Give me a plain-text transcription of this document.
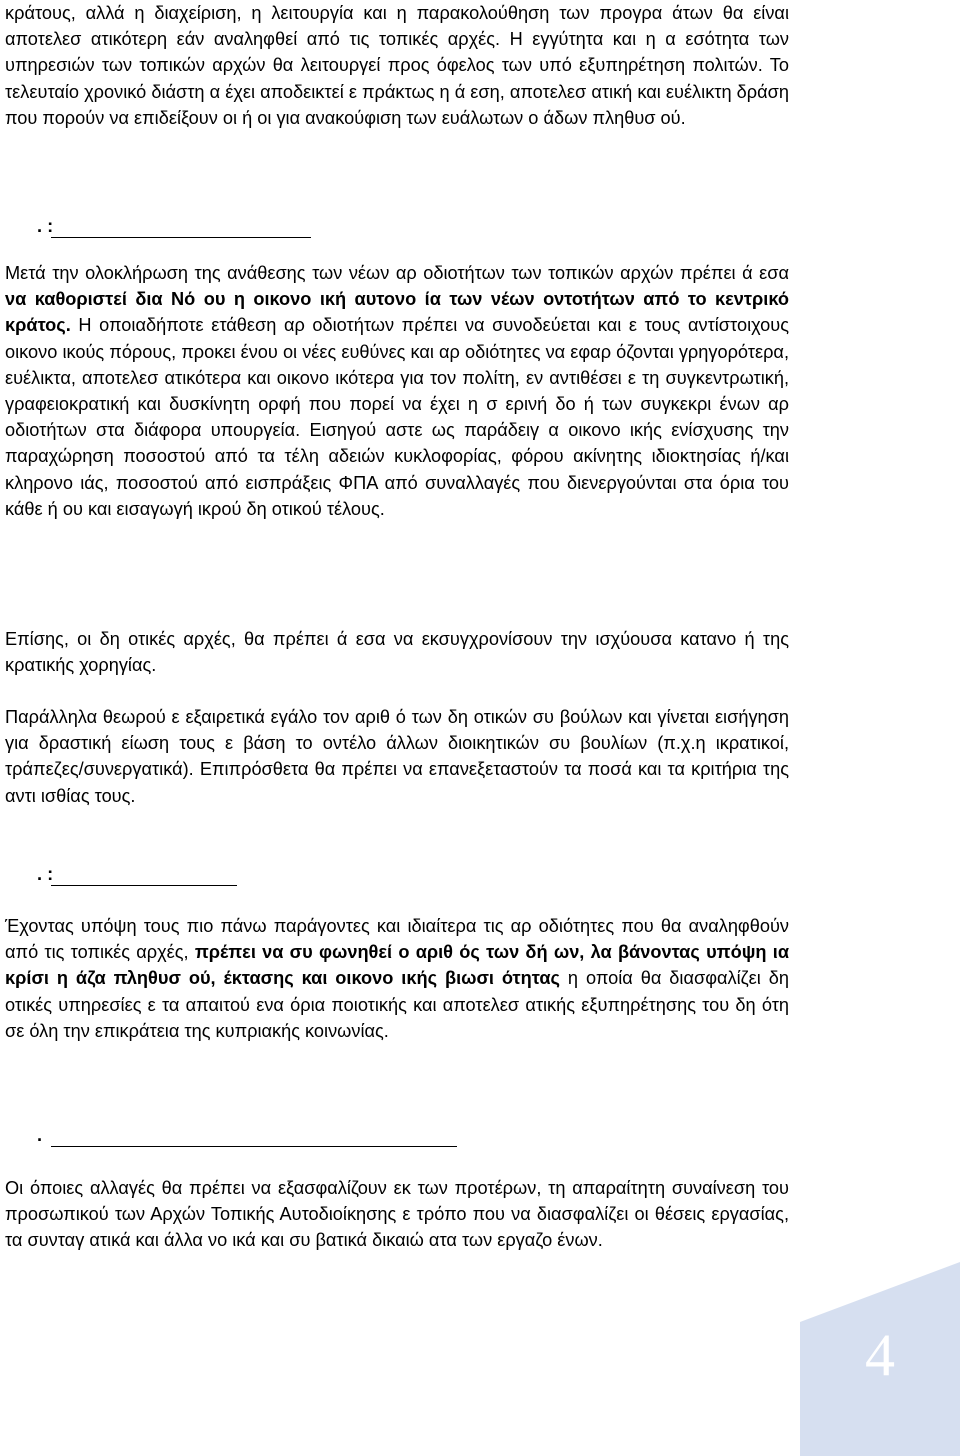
κράτους, αλλά η διαχείριση, η λειτουργία και η παρακολούθηση των προγρα άτων θα είναι αποτελεσ ατικότερη εάν αναληφθεί από τις τοπικές αρχές. Η εγγύτητα και η α εσότητα των υπηρεσιών των τοπικών αρχών θα λειτουργεί προς όφελος των υπό εξυπηρέτηση πολιτών. Το τελευταίο χρονικό διάστη α έχει αποδεικτεί ε πράκτως η ά εση, αποτελεσ ατική και ευέλικτη δράση που πορούν να επιδείξουν οι ή οι για ανακούφιση των ευάλωτων ο άδων πληθυσ ού.

. :

Μετά την ολοκλήρωση της ανάθεσης των νέων αρ οδιοτήτων των τοπικών αρχών πρέπει ά εσα να καθοριστεί δια Νό ου η οικονο ική αυτονο ία των νέων οντοτήτων από το κεντρικό κράτος. Η οποιαδήποτε ετάθεση αρ οδιοτήτων πρέπει να συνοδεύεται και ε τους αντίστοιχους οικονο ικούς πόρους, προκει ένου οι νέες ευθύνες και αρ οδιότητες να εφαρ όζονται γρηγορότερα, ευέλικτα, αποτελεσ ατικότερα και οικονο ικότερα για τον πολίτη, εν αντιθέσει ε τη συγκεντρωτική, γραφειοκρατική και δυσκίνητη ορφή που πορεί να έχει η σ ερινή δο ή των συγκεκρι ένων αρ οδιοτήτων στα διάφορα υπουργεία. Εισηγού αστε ως παράδειγ α οικονο ικής ενίσχυσης την παραχώρηση ποσοστού από τα τέλη αδειών κυκλοφορίας, φόρου ακίνητης ιδιοκτησίας ή/και κληρονο ιάς, ποσοστού από εισπράξεις ΦΠΑ από συναλλαγές που διενεργούνται στα όρια του κάθε ή ου και εισαγωγή ικρού δη οτικού τέλους.

Επίσης, οι δη οτικές αρχές, θα πρέπει ά εσα να εκσυγχρονίσουν την ισχύουσα κατανο ή της κρατικής χορηγίας.

Παράλληλα θεωρού ε εξαιρετικά εγάλο τον αριθ ό των δη οτικών συ βούλων και γίνεται εισήγηση για δραστική είωση τους ε βάση το οντέλο άλλων διοικητικών συ βουλίων (π.χ.η ικρατικοί, τράπεζες/συνεργατικά). Επιπρόσθετα θα πρέπει να επανεξεταστούν τα ποσά και τα κριτήρια της αντι ισθίας τους.

. :

Έχοντας υπόψη τους πιο πάνω παράγοντες και ιδιαίτερα τις αρ οδιότητες που θα αναληφθούν από τις τοπικές αρχές, πρέπει να συ φωνηθεί ο αριθ ός των δή ων, λα βάνοντας υπόψη ια κρίσι η άζα πληθυσ ού, έκτασης και οικονο ικής βιωσι ότητας η οποία θα διασφαλίζει δη οτικές υπηρεσίες ε τα απαιτού ενα όρια ποιοτικής και αποτελεσ ατικής εξυπηρέτησης του δη ότη σε όλη την επικράτεια της κυπριακής κοινωνίας.

.

Οι όποιες αλλαγές θα πρέπει να εξασφαλίζουν εκ των προτέρων, τη απαραίτητη συναίνεση του προσωπικού των Αρχών Τοπικής Αυτοδιοίκησης ε τρόπο που να διασφαλίζει οι θέσεις εργασίας, τα συνταγ ατικά και άλλα νο ικά και συ βατικά δικαιώ ατα των εργαζο ένων.

4
